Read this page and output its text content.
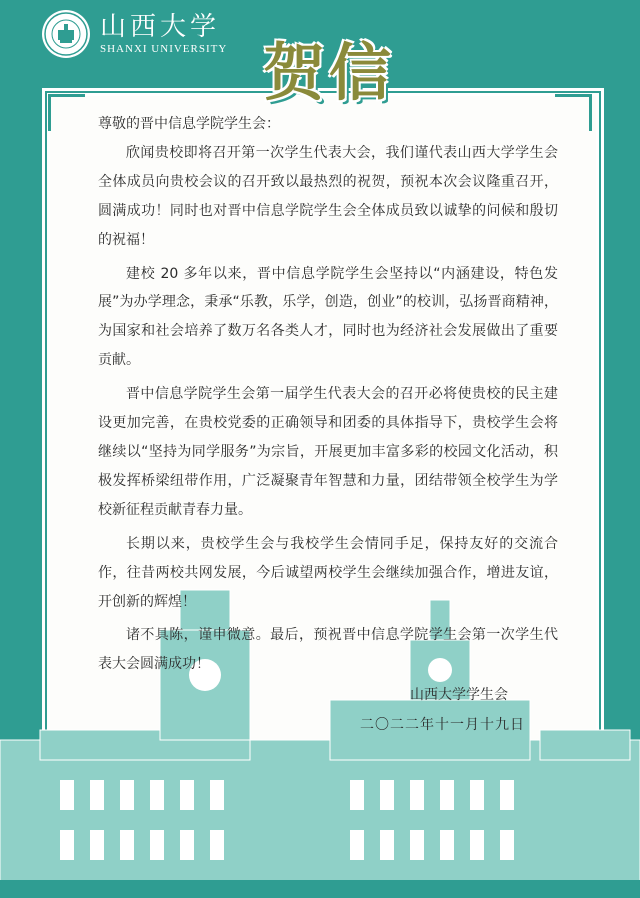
山西大学
SHANXI UNIVERSITY 贺信

尊敬的晋中信息学院学生会：

欣闻贵校即将召开第一次学生代表大会，我们谨代表山西大学学生会全体成员向贵校会议的召开致以最热烈的祝贺，预祝本次会议隆重召开，圆满成功！同时也对晋中信息学院学生会全体成员致以诚挚的问候和殷切的祝福！

建校 20 多年以来，晋中信息学院学生会坚持以“内涵建设，特色发展”为办学理念，秉承“乐教，乐学，创造，创业”的校训，弘扬晋商精神，为国家和社会培养了数万名各类人才，同时也为经济社会发展做出了重要贡献。

晋中信息学院学生会第一届学生代表大会的召开必将使贵校的民主建设更加完善，在贵校党委的正确领导和团委的具体指导下，贵校学生会将继续以“坚持为同学服务”为宗旨，开展更加丰富多彩的校园文化活动，积极发挥桥梁纽带作用，广泛凝聚青年智慧和力量，团结带领全校学生为学校新征程贡献青春力量。

长期以来，贵校学生会与我校学生会情同手足，保持友好的交流合作，往昔两校共网发展，今后诚望两校学生会继续加强合作，增进友谊，开创新的辉煌！

诸不具陈，谨申微意。最后，预祝晋中信息学院学生会第一次学生代表大会圆满成功！

山西大学学生会
二〇二二年十一月十九日
